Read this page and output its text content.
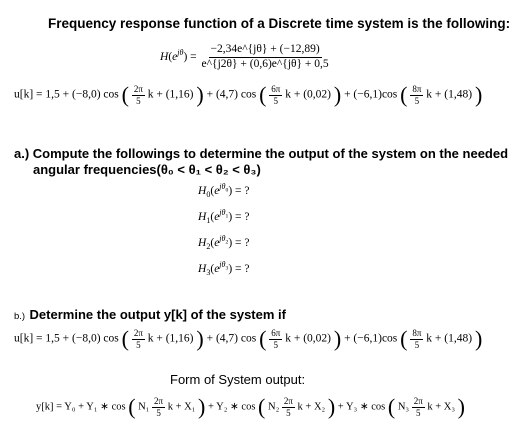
Frequency response function of a Discrete time system is the following:
$H(e^{j\theta}) = \frac{-2,34e\^{}\{j\theta\} + (-12,89)}{e\^{}\{j2\theta\} + (0,6)e\^{}\{j\theta\} + 0,5}$
u[k] = 1,5 + (−8,0) cos ( $\frac{2\pi}{5}$ k + (1,16) ) + (4,7) cos ( $\frac{6\pi}{5}$ k + (0,02) ) + (−6,1)cos ( $\frac{8\pi}{5}$ k + (1,48) )
a.) Compute the followings to determine the output of the system on the needed
angular frequencies(θ₀ < θ₁ < θ₂ < θ₃)
$H_0(e^{j\theta_0})$ = ?
$H_1(e^{j\theta_1})$ = ?
$H_2(e^{j\theta_2})$ = ?
$H_3(e^{j\theta_3})$ = ?
b.) Determine the output y[k] of the system if
u[k] = 1,5 + (−8,0) cos ( $\frac{2\pi}{5}$ k + (1,16) ) + (4,7) cos ( $\frac{6\pi}{5}$ k + (0,02) ) + (−6,1)cos ( $\frac{8\pi}{5}$ k + (1,48) )
Form of System output:
y[k] = Y₀ + Y₁ ∗ cos ( $N_1 \frac{2\pi}{5}$ k + X₁ ) + Y₂ ∗ cos ( $N_2 \frac{2\pi}{5}$ k + X₂ ) + Y₃ ∗ cos ( $N_3 \frac{2\pi}{5}$ k + X₃ )
